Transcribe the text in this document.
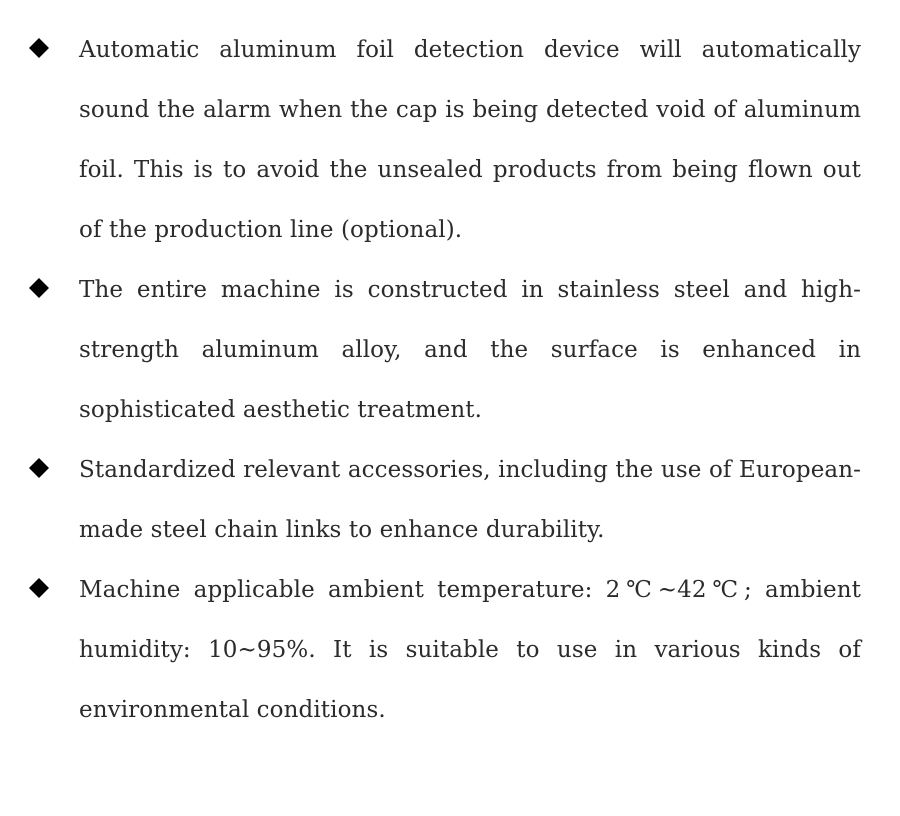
Automatic aluminum foil detection device will automatically sound the alarm when the cap is being detected void of aluminum foil. This is to avoid the unsealed products from being flown out of the production line (optional).

The entire machine is constructed in stainless steel and high-strength aluminum alloy, and the surface is enhanced in sophisticated aesthetic treatment.

Standardized relevant accessories, including the use of European-made steel chain links to enhance durability.

Machine applicable ambient temperature: 2℃~42℃; ambient humidity: 10~95%. It is suitable to use in various kinds of environmental conditions.
